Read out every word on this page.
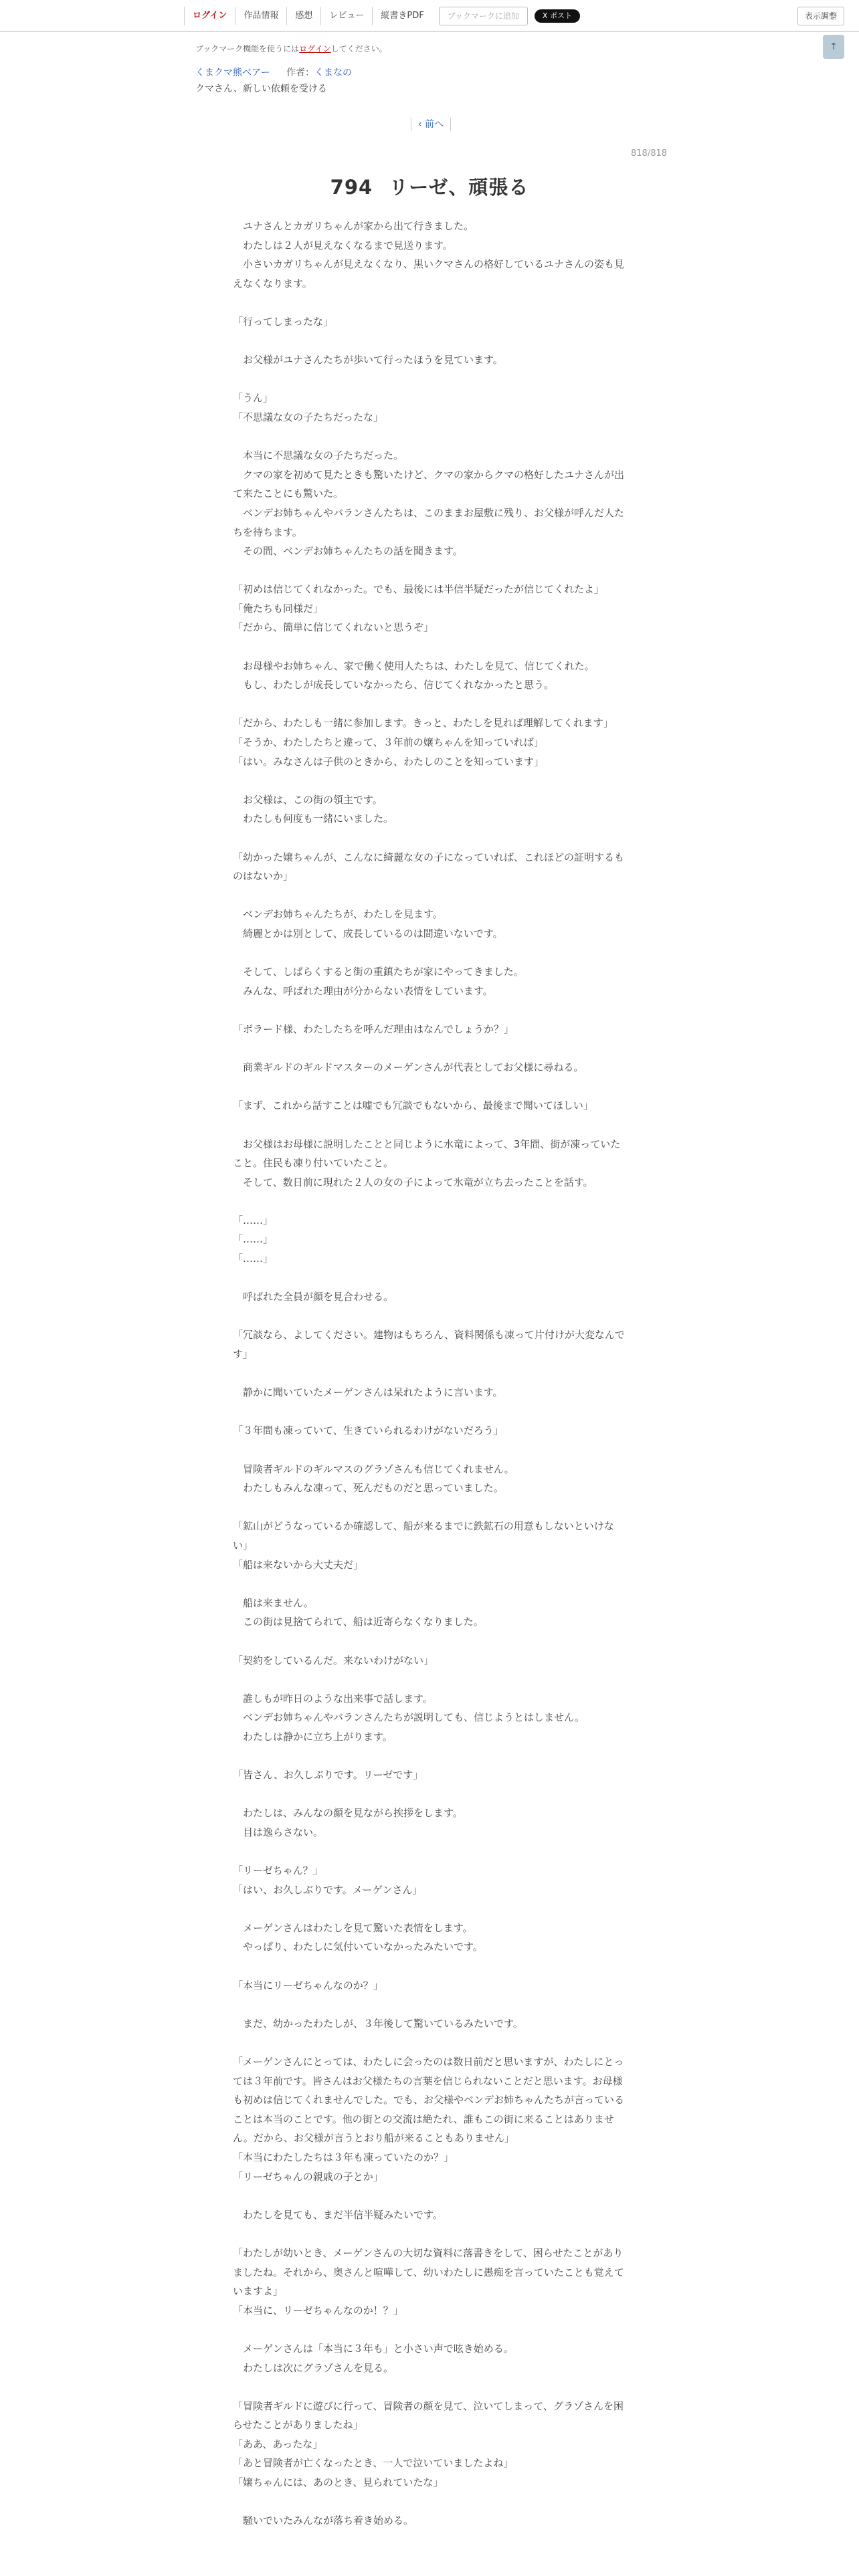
ログイン	作品情報	感想	レビュー	縦書きPDF	ブックマークに追加	X ポスト	表示調整
↑
ブックマーク機能を使うにはログインしてください。
くまクマ熊ベアー 作者：くまなの
クマさん、新しい依頼を受ける
‹ 前へ
818/818
794 リーゼ、頑張る

　ユナさんとカガリちゃんが家から出て行きました。

　わたしは２人が見えなくなるまで見送ります。

　小さいカガリちゃんが見えなくなり、黒いクマさんの格好しているユナさんの姿も見えなくなります。

「行ってしまったな」

　お父様がユナさんたちが歩いて行ったほうを見ています。

「うん」

「不思議な女の子たちだったな」

　本当に不思議な女の子たちだった。

　クマの家を初めて見たときも驚いたけど、クマの家からクマの格好したユナさんが出て来たことにも驚いた。

　ベンデお姉ちゃんやバランさんたちは、このままお屋敷に残り、お父様が呼んだ人たちを待ちます。

　その間、ベンデお姉ちゃんたちの話を聞きます。

「初めは信じてくれなかった。でも、最後には半信半疑だったが信じてくれたよ」

「俺たちも同様だ」

「だから、簡単に信じてくれないと思うぞ」

　お母様やお姉ちゃん、家で働く使用人たちは、わたしを見て、信じてくれた。

　もし、わたしが成長していなかったら、信じてくれなかったと思う。

「だから、わたしも一緒に参加します。きっと、わたしを見れば理解してくれます」

「そうか、わたしたちと違って、３年前の嬢ちゃんを知っていれば」

「はい。みなさんは子供のときから、わたしのことを知っています」

　お父様は、この街の領主です。

　わたしも何度も一緒にいました。

「幼かった嬢ちゃんが、こんなに綺麗な女の子になっていれば、これほどの証明するものはないか」

　ベンデお姉ちゃんたちが、わたしを見ます。

　綺麗とかは別として、成長しているのは間違いないです。

　そして、しばらくすると街の重鎮たちが家にやってきました。

　みんな、呼ばれた理由が分からない表情をしています。

「ボラード様、わたしたちを呼んだ理由はなんでしょうか？」

　商業ギルドのギルドマスターのメーゲンさんが代表としてお父様に尋ねる。

「まず、これから話すことは嘘でも冗談でもないから、最後まで聞いてほしい」

　お父様はお母様に説明したことと同じように水竜によって、3年間、街が凍っていたこと。住民も凍り付いていたこと。

　そして、数日前に現れた２人の女の子によって氷竜が立ち去ったことを話す。

「……」

「……」

「……」

　呼ばれた全員が顔を見合わせる。

「冗談なら、よしてください。建物はもちろん、資料関係も凍って片付けが大変なんです」

　静かに聞いていたメーゲンさんは呆れたように言います。

「３年間も凍っていて、生きていられるわけがないだろう」

　冒険者ギルドのギルマスのグラゾさんも信じてくれません。

　わたしもみんな凍って、死んだものだと思っていました。

「鉱山がどうなっているか確認して、船が来るまでに鉄鉱石の用意もしないといけない」

「船は来ないから大丈夫だ」

　船は来ません。

　この街は見捨てられて、船は近寄らなくなりました。

「契約をしているんだ。来ないわけがない」

　誰しもが昨日のような出来事で話します。

　ベンデお姉ちゃんやバランさんたちが説明しても、信じようとはしません。

　わたしは静かに立ち上がります。

「皆さん、お久しぶりです。リーゼです」

　わたしは、みんなの顔を見ながら挨拶をします。

　目は逸らさない。

「リーゼちゃん？」

「はい、お久しぶりです。メーゲンさん」

　メーゲンさんはわたしを見て驚いた表情をします。

　やっぱり、わたしに気付いていなかったみたいです。

「本当にリーゼちゃんなのか？」

　まだ、幼かったわたしが、３年後して驚いているみたいです。

「メーゲンさんにとっては、わたしに会ったのは数日前だと思いますが、わたしにとっては３年前です。皆さんはお父様たちの言葉を信じられないことだと思います。お母様も初めは信じてくれませんでした。でも、お父様やベンデお姉ちゃんたちが言っていることは本当のことです。他の街との交流は絶たれ、誰もこの街に来ることはありません。だから、お父様が言うとおり船が来ることもありません」

「本当にわたしたちは３年も凍っていたのか？」

「リーゼちゃんの親戚の子とか」

　わたしを見ても、まだ半信半疑みたいです。

「わたしが幼いとき、メーゲンさんの大切な資料に落書きをして、困らせたことがありましたね。それから、奥さんと喧嘩して、幼いわたしに愚痴を言っていたことも覚えていますよ」

「本当に、リーゼちゃんなのか！？」

　メーゲンさんは「本当に３年も」と小さい声で呟き始める。

　わたしは次にグラゾさんを見る。

「冒険者ギルドに遊びに行って、冒険者の顔を見て、泣いてしまって、グラゾさんを困らせたことがありましたね」

「ああ、あったな」

「あと冒険者が亡くなったとき、一人で泣いていましたよね」

「嬢ちゃんには、あのとき、見られていたな」

　騒いでいたみんなが落ち着き始める。
